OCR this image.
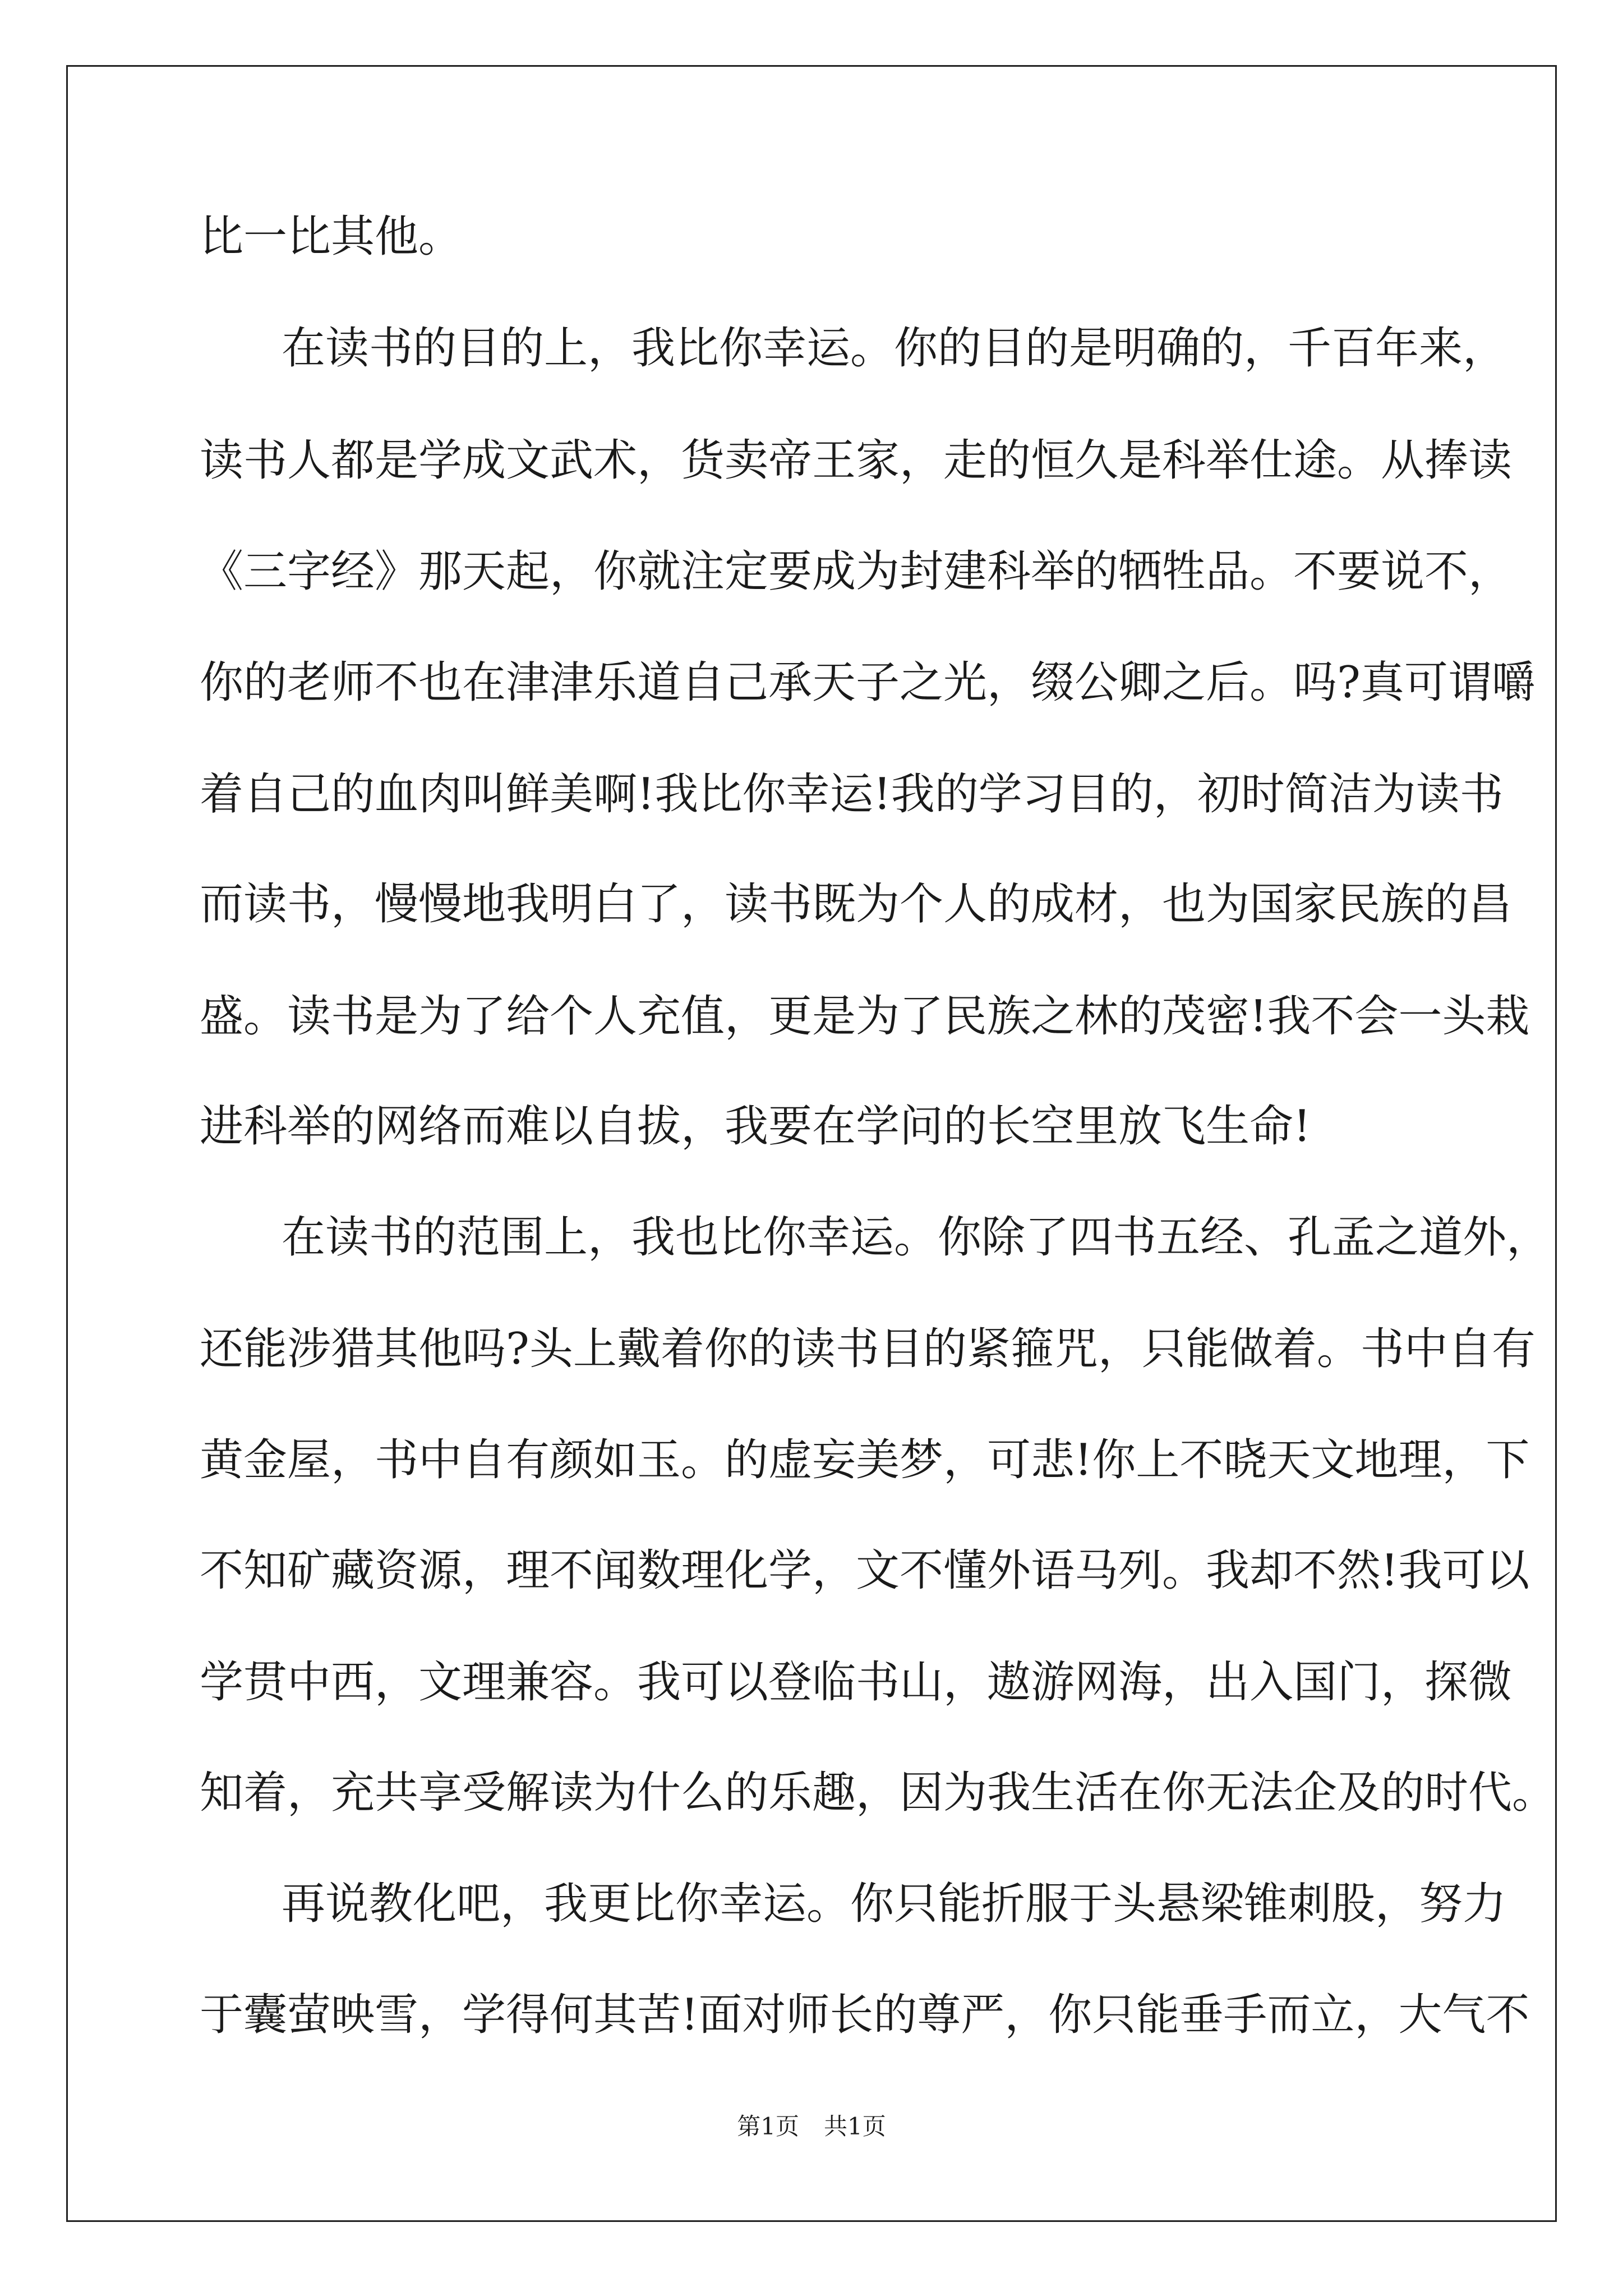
比一比其他。

在读书的目的上，我比你幸运。你的目的是明确的，千百年来，

读书人都是学成文武术，货卖帝王家，走的恒久是科举仕途。从捧读

《三字经》那天起，你就注定要成为封建科举的牺牲品。不要说不，

你的老师不也在津津乐道自己承天子之光，缀公卿之后。吗?真可谓嚼

着自己的血肉叫鲜美啊!我比你幸运!我的学习目的，初时简洁为读书

而读书，慢慢地我明白了，读书既为个人的成材，也为国家民族的昌

盛。读书是为了给个人充值，更是为了民族之林的茂密!我不会一头栽

进科举的网络而难以自拔，我要在学问的长空里放飞生命!

在读书的范围上，我也比你幸运。你除了四书五经、孔孟之道外，

还能涉猎其他吗?头上戴着你的读书目的紧箍咒，只能做着。书中自有

黄金屋，书中自有颜如玉。的虚妄美梦，可悲!你上不晓天文地理，下

不知矿藏资源，理不闻数理化学，文不懂外语马列。我却不然!我可以

学贯中西，文理兼容。我可以登临书山，遨游网海，出入国门，探微

知着，充共享受解读为什么的乐趣，因为我生活在你无法企及的时代。

再说教化吧，我更比你幸运。你只能折服于头悬梁锥刺股，努力

于囊萤映雪，学得何其苦!面对师长的尊严，你只能垂手而立，大气不

第1页 共1页
